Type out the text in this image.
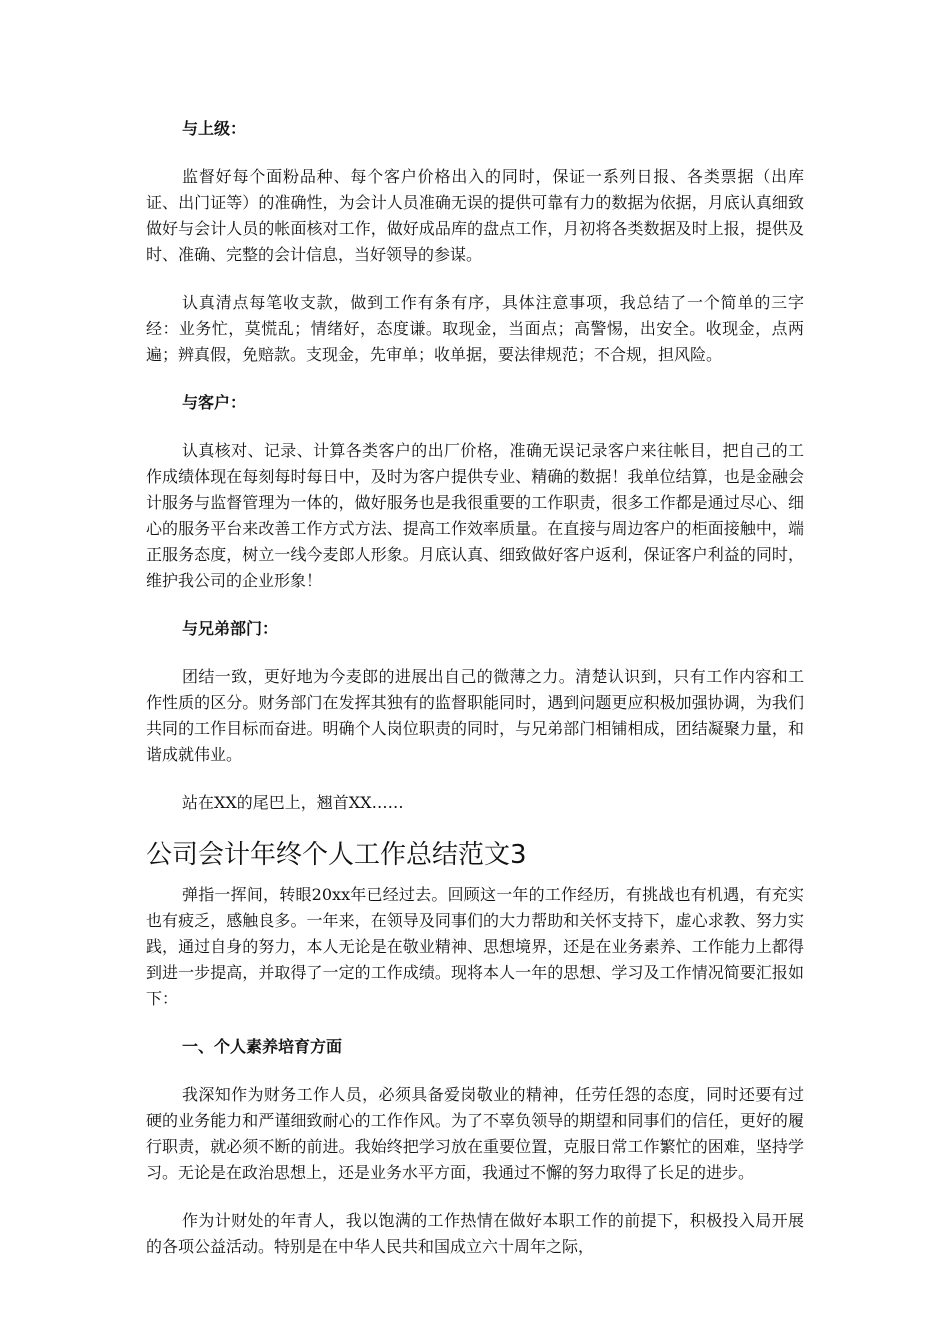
与上级：
监督好每个面粉品种、每个客户价格出入的同时，保证一系列日报、各类票据（出库证、出门证等）的准确性，为会计人员准确无误的提供可靠有力的数据为依据，月底认真细致做好与会计人员的帐面核对工作，做好成品库的盘点工作，月初将各类数据及时上报，提供及时、准确、完整的会计信息，当好领导的参谋。
认真清点每笔收支款，做到工作有条有序，具体注意事项，我总结了一个简单的三字经：业务忙，莫慌乱；情绪好，态度谦。取现金，当面点；高警惕，出安全。收现金，点两遍；辨真假，免赔款。支现金，先审单；收单据，要法律规范；不合规，担风险。
与客户：
认真核对、记录、计算各类客户的出厂价格，准确无误记录客户来往帐目，把自己的工作成绩体现在每刻每时每日中，及时为客户提供专业、精确的数据！我单位结算，也是金融会计服务与监督管理为一体的，做好服务也是我很重要的工作职责，很多工作都是通过尽心、细心的服务平台来改善工作方式方法、提高工作效率质量。在直接与周边客户的柜面接触中，端正服务态度，树立一线今麦郎人形象。月底认真、细致做好客户返利，保证客户利益的同时，维护我公司的企业形象！
与兄弟部门：
团结一致，更好地为今麦郎的进展出自己的微薄之力。清楚认识到，只有工作内容和工作性质的区分。财务部门在发挥其独有的监督职能同时，遇到问题更应积极加强协调，为我们共同的工作目标而奋进。明确个人岗位职责的同时，与兄弟部门相铺相成，团结凝聚力量，和谐成就伟业。
站在XX的尾巴上，翘首XX……
公司会计年终个人工作总结范文3
弹指一挥间，转眼20xx年已经过去。回顾这一年的工作经历，有挑战也有机遇，有充实也有疲乏，感触良多。一年来，在领导及同事们的大力帮助和关怀支持下，虚心求教、努力实践，通过自身的努力，本人无论是在敬业精神、思想境界，还是在业务素养、工作能力上都得到进一步提高，并取得了一定的工作成绩。现将本人一年的思想、学习及工作情况简要汇报如下：
一、个人素养培育方面
我深知作为财务工作人员，必须具备爱岗敬业的精神，任劳任怨的态度，同时还要有过硬的业务能力和严谨细致耐心的工作作风。为了不辜负领导的期望和同事们的信任，更好的履行职责，就必须不断的前进。我始终把学习放在重要位置，克服日常工作繁忙的困难，坚持学习。无论是在政治思想上，还是业务水平方面，我通过不懈的努力取得了长足的进步。
作为计财处的年青人，我以饱满的工作热情在做好本职工作的前提下，积极投入局开展的各项公益活动。特别是在中华人民共和国成立六十周年之际，
